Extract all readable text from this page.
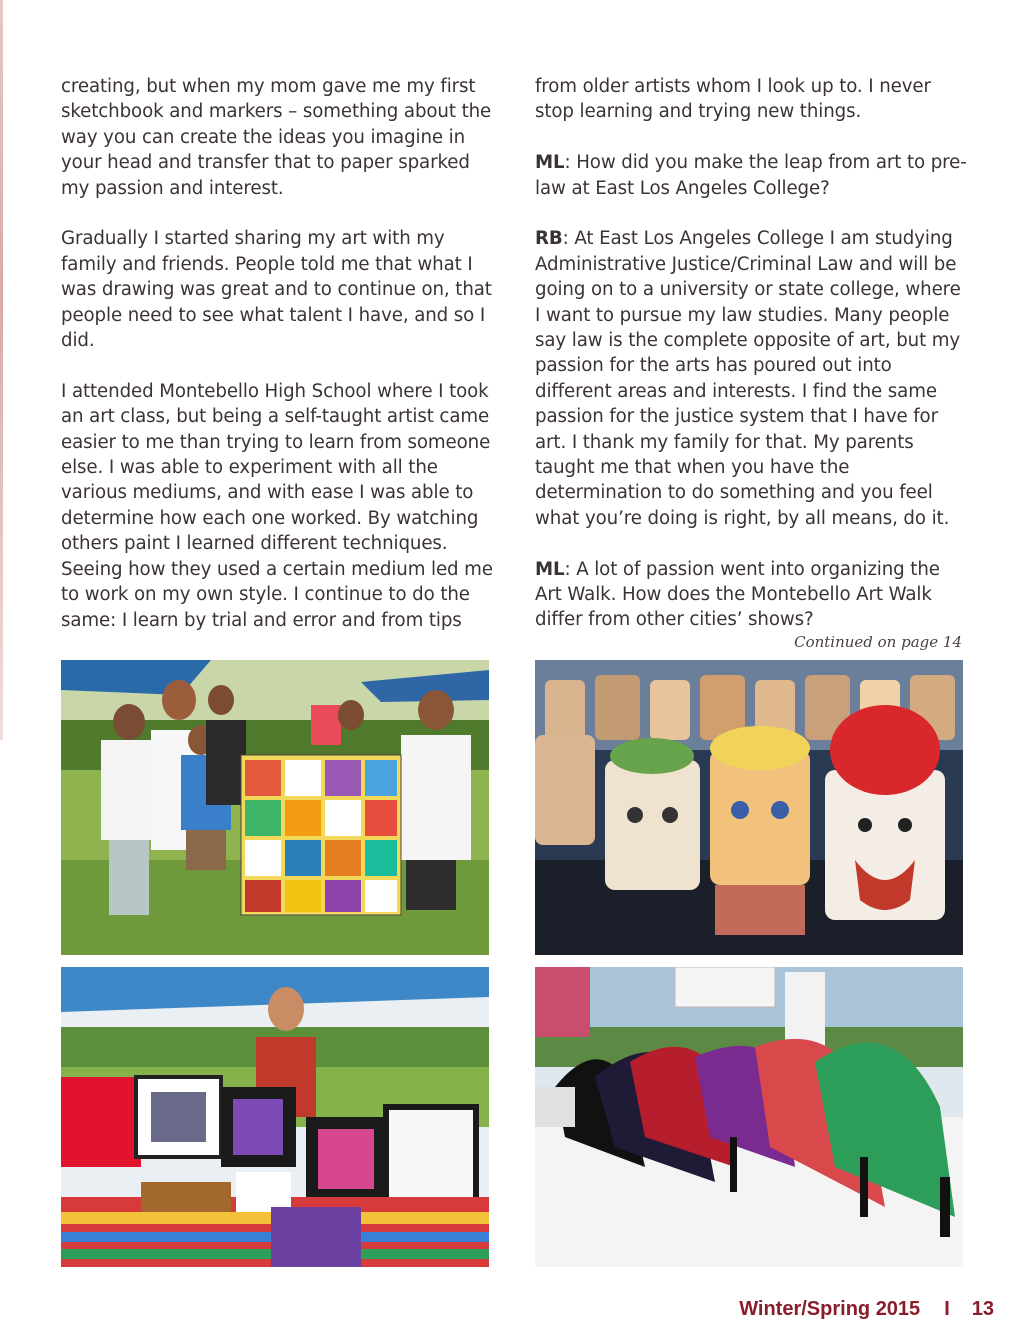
creating, but when my mom gave me my first sketchbook and markers – something about the way you can create the ideas you imagine in your head and transfer that to paper sparked my passion and interest.

Gradually I started sharing my art with my family and friends. People told me that what I was drawing was great and to continue on, that people need to see what talent I have, and so I did.

I attended Montebello High School where I took an art class, but being a self-taught artist came easier to me than trying to learn from someone else. I was able to experiment with all the various mediums, and with ease I was able to determine how each one worked. By watching others paint I learned different techniques. Seeing how they used a certain medium led me to work on my own style. I continue to do the same: I learn by trial and error and from tips

from older artists whom I look up to. I never stop learning and trying new things.

ML: How did you make the leap from art to pre-law at East Los Angeles College?

RB: At East Los Angeles College I am studying Administrative Justice/Criminal Law and will be going on to a university or state college, where I want to pursue my law studies. Many people say law is the complete opposite of art, but my passion for the arts has poured out into different areas and interests. I find the same passion for the justice system that I have for art. I thank my family for that. My parents taught me that when you have the determination to do something and you feel what you’re doing is right, by all means, do it.

ML: A lot of passion went into organizing the Art Walk. How does the Montebello Art Walk differ from other cities’ shows?

Continued on page 14
Winter/Spring 2015 I 13
